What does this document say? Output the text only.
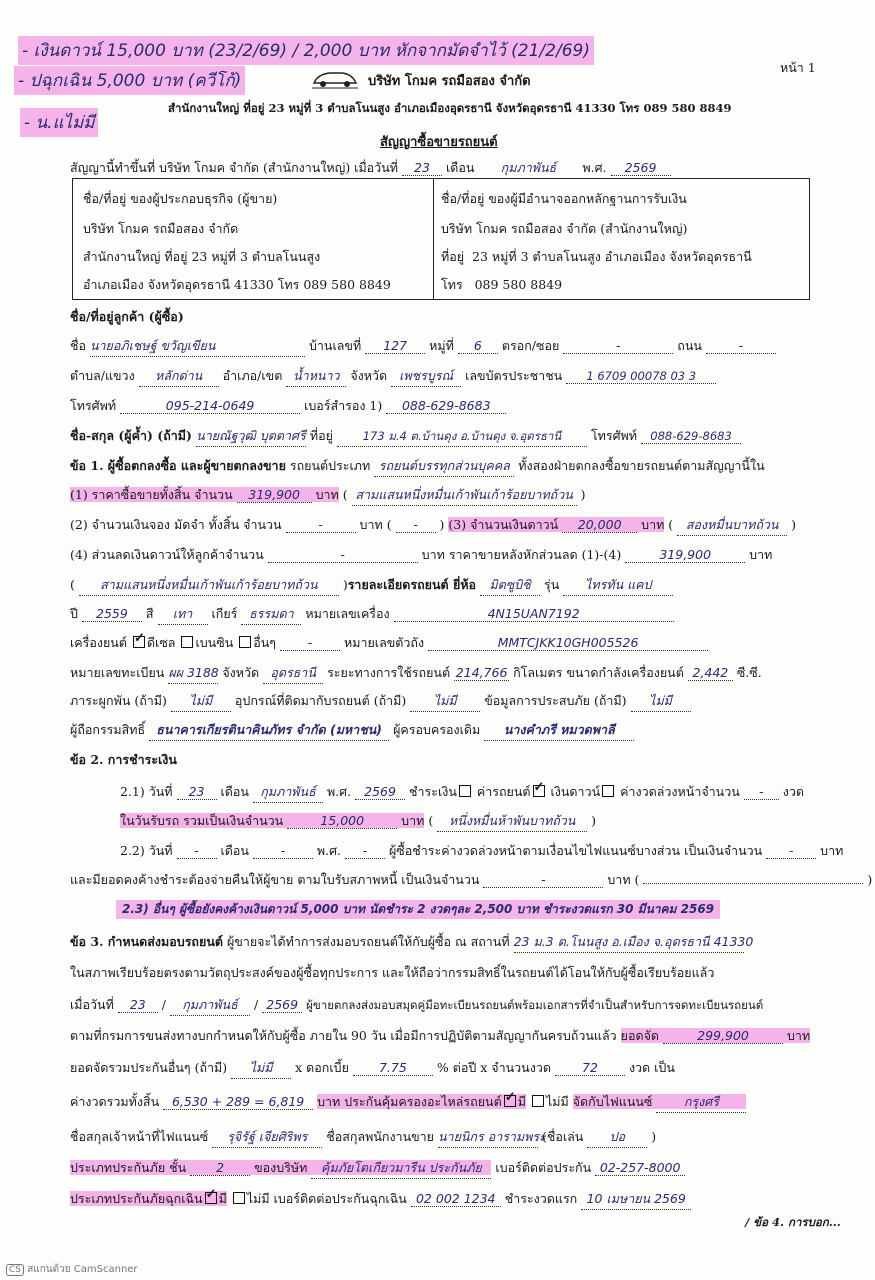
- เงินดาวน์ 15,000 บาท (23/2/69) / 2,000 บาท หักจากมัดจำไว้ (21/2/69)
- ปฉุกเฉิน 5,000 บาท (ควีโก้)
- น.แไม่มี
หน้า 1
บริษัท โกมค รถมือสอง จำกัด
สำนักงานใหญ่ ที่อยู่ 23 หมู่ที่ 3 ตำบลโนนสูง อำเภอเมืองอุดรธานี จังหวัดอุดรธานี 41330 โทร 089 580 8849
สัญญาซื้อขายรถยนต์
สัญญานี้ทำขึ้นที่ บริษัท โกมค จำกัด (สำนักงานใหญ่) เมื่อวันที่ 23 เดือน กุมภาพันธ์ พ.ศ. 2569
ชื่อ/ที่อยู่ ของผู้ประกอบธุรกิจ (ผู้ขาย)
บริษัท โกมค รถมือสอง จำกัด
สำนักงานใหญ่ ที่อยู่ 23 หมู่ที่ 3 ตำบลโนนสูง
อำเภอเมือง จังหวัดอุดรธานี 41330 โทร 089 580 8849
ชื่อ/ที่อยู่ ของผู้มีอำนาจออกหลักฐานการรับเงิน
บริษัท โกมค รถมือสอง จำกัด (สำนักงานใหญ่)
ที่อยู่ 23 หมู่ที่ 3 ตำบลโนนสูง อำเภอเมือง จังหวัดอุดรธานี
โทร 089 580 8849
ชื่อ/ที่อยู่ลูกค้า (ผู้ซื้อ)
ชื่อ นายอภิเชษฐ์ ขวัญเขียน	บ้านเลขที่ 127 หมู่ที่ 6 ตรอก/ซอย	-	ถนน	-
ตำบล/แขวง หลักด่าน อำเภอ/เขต น้ำหนาว จังหวัด เพชรบูรณ์ เลขบัตรประชาชน 1 6709 00078 03 3
โทรศัพท์	095-214-0649	เบอร์สำรอง 1) 088-629-8683
ชื่อ-สกุล (ผู้ค้ำ) (ถ้ามี) นายณัฐวุฒิ บุตตาศรี ที่อยู่	173 ม.4 ต.บ้านดุง อ.บ้านดุง จ.อุดรธานี โทรศัพท์ 088-629-8683
ข้อ 1. ผู้ซื้อตกลงซื้อ และผู้ขายตกลงขาย รถยนต์ประเภท รถยนต์บรรทุกส่วนบุคคล ทั้งสองฝ่ายตกลงซื้อขายรถยนต์ตามสัญญานี้ใน
(1) ราคาซื้อขายทั้งสิ้น จำนวน 319,900 บาท ( สามแสนหนึ่งหมื่นเก้าพันเก้าร้อยบาทถ้วน )
(2) จำนวนเงินจอง มัดจำ ทั้งสิ้น จำนวน	-	บาท ( - ) (3) จำนวนเงินดาวน์ 20,000 บาท ( สองหมื่นบาทถ้วน )
(4) ส่วนลดเงินดาวน์ให้ลูกค้าจำนวน	-	บาท ราคาขายหลังหักส่วนลด (1)-(4)	319,900	บาท
( สามแสนหนึ่งหมื่นเก้าพันเก้าร้อยบาทถ้วน )รายละเอียดรถยนต์ ยี่ห้อ มิตซูบิชิ รุ่น ไทรทัน แคป
ปี 2559 สี เทา เกียร์ ธรรมดา หมายเลขเครื่อง	4N15UAN7192
เครื่องยนต์ ✓ ดีเซล เบนซิน อื่นๆ	-	หมายเลขตัวถัง	MMTCJKK10GH005526
หมายเลขทะเบียน ผผ 3188 จังหวัด อุดรธานี ระยะทางการใช้รถยนต์ 214,766 กิโลเมตร ขนาดกำลังเครื่องยนต์ 2,442 ซี.ซี.
ภาระผูกพัน (ถ้ามี) ไม่มี อุปกรณ์ที่ติดมากับรถยนต์ (ถ้ามี) ไม่มี ข้อมูลการประสบภัย (ถ้ามี) ไม่มี
ผู้ถือกรรมสิทธิ์ ธนาคารเกียรตินาคินภัทร จำกัด (มหาชน) ผู้ครอบครองเดิม นางคำภรี หมวดพาลี
ข้อ 2. การชำระเงิน
2.1) วันที่ 23 เดือน กุมภาพันธ์ พ.ศ. 2569 ชำระเงิน ค่ารถยนต์ ✓ เงินดาวน์ ค่างวดล่วงหน้าจำนวน - งวด
ในวันรับรถ รวมเป็นเงินจำนวน	15,000	บาท ( หนึ่งหมื่นห้าพันบาทถ้วน )
2.2) วันที่ - เดือน - พ.ศ. - ผู้ซื้อชำระค่างวดล่วงหน้าตามเงื่อนไขไฟแนนซ์บางส่วน เป็นเงินจำนวน - บาท
และมียอดคงค้างชำระต้องจ่ายคืนให้ผู้ขาย ตามใบรับสภาพหนี้ เป็นเงินจำนวน	-	บาท (	)
2.3) อื่นๆ ผู้ซื้อยังคงค้างเงินดาวน์ 5,000 บาท นัดชำระ 2 งวดๆละ 2,500 บาท ชำระงวดแรก 30 มีนาคม 2569
ข้อ 3. กำหนดส่งมอบรถยนต์ ผู้ขายจะได้ทำการส่งมอบรถยนต์ให้กับผู้ซื้อ ณ สถานที่ 23 ม.3 ต.โนนสูง อ.เมือง จ.อุดรธานี 41330
ในสภาพเรียบร้อยตรงตามวัตถุประสงค์ของผู้ซื้อทุกประการ และให้ถือว่ากรรมสิทธิ์ในรถยนต์ได้โอนให้กับผู้ซื้อเรียบร้อยแล้ว
เมื่อวันที่ 23 / กุมภาพันธ์ / 2569 ผู้ขายตกลงส่งมอบสมุดคู่มือทะเบียนรถยนต์พร้อมเอกสารที่จำเป็นสำหรับการจดทะเบียนรถยนต์
ตามที่กรมการขนส่งทางบกกำหนดให้กับผู้ซื้อ ภายใน 90 วัน เมื่อมีการปฏิบัติตามสัญญากันครบถ้วนแล้ว ยอดจัด	299,900	บาท
ยอดจัดรวมประกันอื่นๆ (ถ้ามี) ไม่มี x ดอกเบี้ย 7.75 % ต่อปี x จำนวนงวด 72 งวด เป็น
ค่างวดรวมทั้งสิ้น 6,530 + 289 = 6,819 บาท ประกันคุ้มครองอะไหล่รถยนต์ ✓ มี ไม่มี จัดกับไฟแนนซ์	กรุงศรี
ชื่อสกุลเจ้าหน้าที่ไฟแนนซ์ รุจิรัฐ์ เจียศิริพร ชื่อสกุลพนักงานขาย นายนิกร อารามพระ (ชื่อเล่น ปอ )
ประเภทประกันภัย ชั้น 2 ของบริษัท คุ้มภัยโตเกียวมารีน ประกันภัย เบอร์ติดต่อประกัน 02-257-8000
ประเภทประกันภัยฉุกเฉิน ✓ มี ไม่มี เบอร์ติดต่อประกันฉุกเฉิน 02 002 1234 ชำระงวดแรก 10 เมษายน 2569
/ ข้อ 4. การบอก...
CS สแกนด้วย CamScanner
